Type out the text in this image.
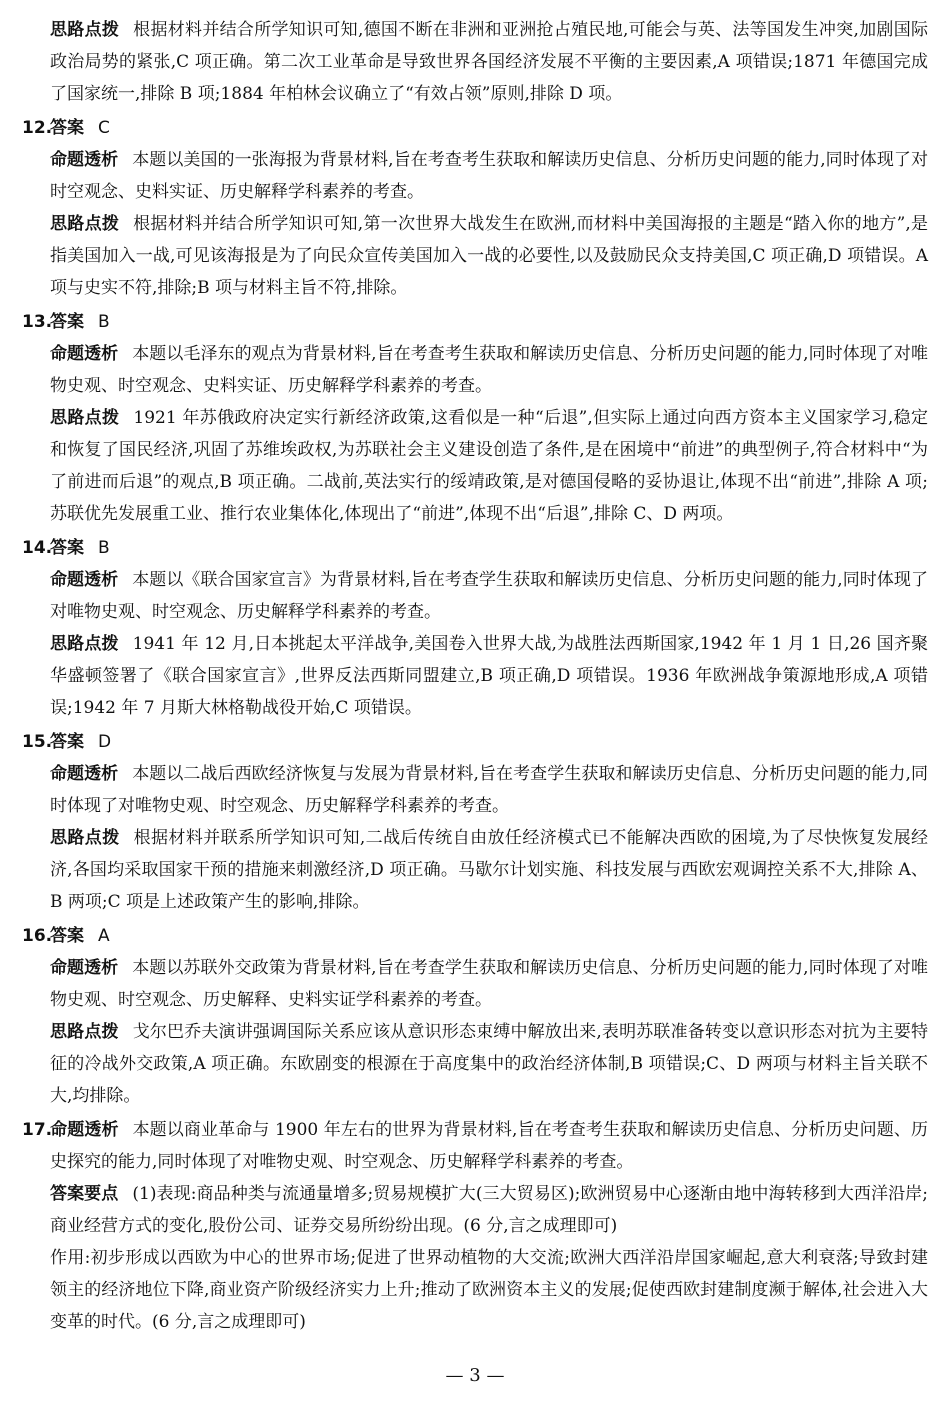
思路点拨 根据材料并结合所学知识可知,德国不断在非洲和亚洲抢占殖民地,可能会与英、法等国发生冲突,加剧国际政治局势的紧张,C 项正确。第二次工业革命是导致世界各国经济发展不平衡的主要因素,A 项错误;1871 年德国完成了国家统一,排除 B 项;1884 年柏林会议确立了“有效占领”原则,排除 D 项。

12.答案 C

命题透析 本题以美国的一张海报为背景材料,旨在考查考生获取和解读历史信息、分析历史问题的能力,同时体现了对时空观念、史料实证、历史解释学科素养的考查。

思路点拨 根据材料并结合所学知识可知,第一次世界大战发生在欧洲,而材料中美国海报的主题是“踏入你的地方”,是指美国加入一战,可见该海报是为了向民众宣传美国加入一战的必要性,以及鼓励民众支持美国,C 项正确,D 项错误。A 项与史实不符,排除;B 项与材料主旨不符,排除。

13.答案 B

命题透析 本题以毛泽东的观点为背景材料,旨在考查考生获取和解读历史信息、分析历史问题的能力,同时体现了对唯物史观、时空观念、史料实证、历史解释学科素养的考查。

思路点拨 1921 年苏俄政府决定实行新经济政策,这看似是一种“后退”,但实际上通过向西方资本主义国家学习,稳定和恢复了国民经济,巩固了苏维埃政权,为苏联社会主义建设创造了条件,是在困境中“前进”的典型例子,符合材料中“为了前进而后退”的观点,B 项正确。二战前,英法实行的绥靖政策,是对德国侵略的妥协退让,体现不出“前进”,排除 A 项;苏联优先发展重工业、推行农业集体化,体现出了“前进”,体现不出“后退”,排除 C、D 两项。

14.答案 B

命题透析 本题以《联合国家宣言》为背景材料,旨在考查学生获取和解读历史信息、分析历史问题的能力,同时体现了对唯物史观、时空观念、历史解释学科素养的考查。

思路点拨 1941 年 12 月,日本挑起太平洋战争,美国卷入世界大战,为战胜法西斯国家,1942 年 1 月 1 日,26 国齐聚华盛顿签署了《联合国家宣言》,世界反法西斯同盟建立,B 项正确,D 项错误。1936 年欧洲战争策源地形成,A 项错误;1942 年 7 月斯大林格勒战役开始,C 项错误。

15.答案 D

命题透析 本题以二战后西欧经济恢复与发展为背景材料,旨在考查学生获取和解读历史信息、分析历史问题的能力,同时体现了对唯物史观、时空观念、历史解释学科素养的考查。

思路点拨 根据材料并联系所学知识可知,二战后传统自由放任经济模式已不能解决西欧的困境,为了尽快恢复发展经济,各国均采取国家干预的措施来刺激经济,D 项正确。马歇尔计划实施、科技发展与西欧宏观调控关系不大,排除 A、B 两项;C 项是上述政策产生的影响,排除。

16.答案 A

命题透析 本题以苏联外交政策为背景材料,旨在考查学生获取和解读历史信息、分析历史问题的能力,同时体现了对唯物史观、时空观念、历史解释、史料实证学科素养的考查。

思路点拨 戈尔巴乔夫演讲强调国际关系应该从意识形态束缚中解放出来,表明苏联准备转变以意识形态对抗为主要特征的冷战外交政策,A 项正确。东欧剧变的根源在于高度集中的政治经济体制,B 项错误;C、D 两项与材料主旨关联不大,均排除。

17.命题透析 本题以商业革命与 1900 年左右的世界为背景材料,旨在考查考生获取和解读历史信息、分析历史问题、历史探究的能力,同时体现了对唯物史观、时空观念、历史解释学科素养的考查。

答案要点 (1)表现:商品种类与流通量增多;贸易规模扩大(三大贸易区);欧洲贸易中心逐渐由地中海转移到大西洋沿岸;商业经营方式的变化,股份公司、证券交易所纷纷出现。(6 分,言之成理即可)

作用:初步形成以西欧为中心的世界市场;促进了世界动植物的大交流;欧洲大西洋沿岸国家崛起,意大利衰落;导致封建领主的经济地位下降,商业资产阶级经济实力上升;推动了欧洲资本主义的发展;促使西欧封建制度濒于解体,社会进入大变革的时代。(6 分,言之成理即可)

— 3 —
